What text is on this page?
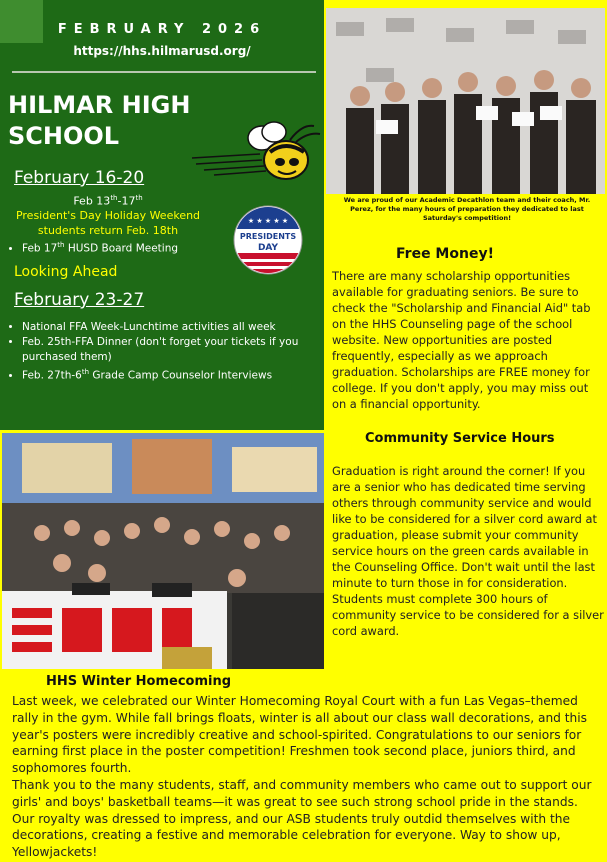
FEBRUARY 2026
https://hhs.hilmarusd.org/
HILMAR HIGH
SCHOOL
February 16-20
Feb 13th-17th
President's Day Holiday Weekend
students return Feb. 18th
• Feb 17th HUSD Board Meeting
★ ★ ★ ★ ★
PRESIDENTS
DAY
Looking Ahead
February 23-27
• National FFA Week-Lunchtime activities all week
• Feb. 25th-FFA Dinner (don't forget your tickets if you purchased them)
• Feb. 27th-6th Grade Camp Counselor Interviews
We are proud of our Academic Decathlon team and their coach, Mr. Perez, for the many hours of preparation they dedicated to last Saturday's competition!
Free Money!

There are many scholarship opportunities available for graduating seniors. Be sure to check the "Scholarship and Financial Aid" tab on the HHS Counseling page of the school website. New opportunities are posted frequently, especially as we approach graduation. Scholarships are FREE money for college. If you don't apply, you may miss out on a financial opportunity.

Community Service Hours

Graduation is right around the corner! If you are a senior who has dedicated time serving others through community service and would like to be considered for a silver cord award at graduation, please submit your community service hours on the green cards available in the Counseling Office. Don't wait until the last minute to turn those in for consideration. Students must complete 300 hours of community service to be considered for a silver cord award.

HHS Winter Homecoming
Last week, we celebrated our Winter Homecoming Royal Court with a fun Las Vegas–themed rally in the gym. While fall brings floats, winter is all about our class wall decorations, and this year's posters were incredibly creative and school-spirited. Congratulations to our seniors for earning first place in the poster competition! Freshmen took second place, juniors third, and sophomores fourth.
Thank you to the many students, staff, and community members who came out to support our girls' and boys' basketball teams—it was great to see such strong school pride in the stands. Our royalty was dressed to impress, and our ASB students truly outdid themselves with the decorations, creating a festive and memorable celebration for everyone. Way to show up, Yellowjackets!
